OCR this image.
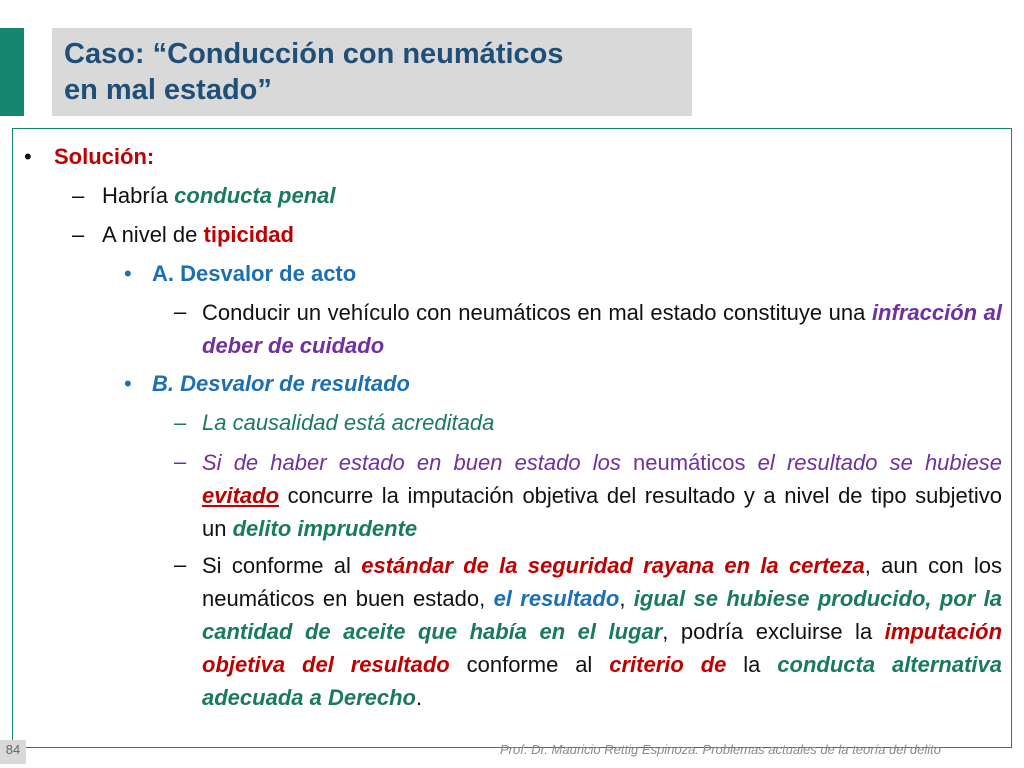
Caso: “Conducción con neumáticos
en mal estado”
• Solución:
– Habría conducta penal
– A nivel de tipicidad
• A. Desvalor de acto
– Conducir un vehículo con neumáticos en mal estado constituye una infracción al deber de cuidado
• B. Desvalor de resultado
– La causalidad está acreditada
– Si de haber estado en buen estado los neumáticos el resultado se hubiese evitado concurre la imputación objetiva del resultado y a nivel de tipo subjetivo un delito imprudente
– Si conforme al estándar de la seguridad rayana en la certeza, aun con los neumáticos en buen estado, el resultado, igual se hubiese producido, por la cantidad de aceite que había en el lugar, podría excluirse la imputación objetiva del resultado conforme al criterio de la conducta alternativa adecuada a Derecho.
84	Prof. Dr. Mauricio Rettig Espinoza. Problemas actuales de la teoría del delito
